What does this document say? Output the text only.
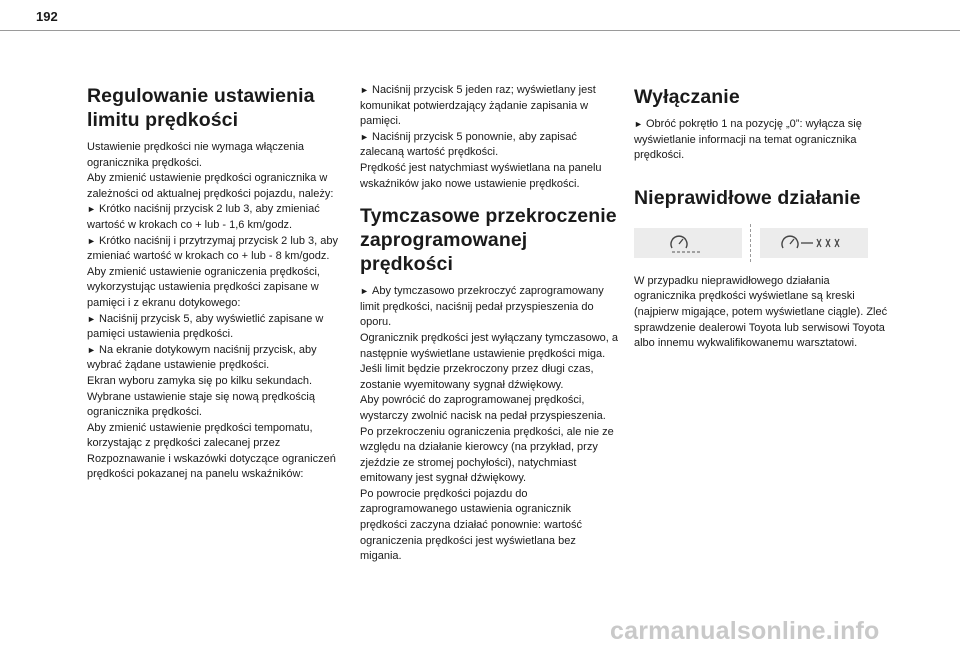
192
Regulowanie ustawienia limitu prędkości

Ustawienie prędkości nie wymaga włączenia ogranicznika prędkości.

Aby zmienić ustawienie prędkości ogranicznika w zależności od aktualnej prędkości pojazdu, należy:

► Krótko naciśnij przycisk 2 lub 3, aby zmieniać wartość w krokach co + lub - 1,6 km/godz.

► Krótko naciśnij i przytrzymaj przycisk 2 lub 3, aby zmieniać wartość w krokach co + lub - 8 km/godz.

Aby zmienić ustawienie ograniczenia prędkości, wykorzystując ustawienia prędkości zapisane w pamięci i z ekranu dotykowego:

► Naciśnij przycisk 5, aby wyświetlić zapisane w pamięci ustawienia prędkości.

► Na ekranie dotykowym naciśnij przycisk, aby wybrać żądane ustawienie prędkości.

Ekran wyboru zamyka się po kilku sekundach.

Wybrane ustawienie staje się nową prędkością ogranicznika prędkości.

Aby zmienić ustawienie prędkości tempomatu, korzystając z prędkości zalecanej przez Rozpoznawanie i wskazówki dotyczące ograniczeń prędkości pokazanej na panelu wskaźników:

► Naciśnij przycisk 5 jeden raz; wyświetlany jest komunikat potwierdzający żądanie zapisania w pamięci.

► Naciśnij przycisk 5 ponownie, aby zapisać zalecaną wartość prędkości.

Prędkość jest natychmiast wyświetlana na panelu wskaźników jako nowe ustawienie prędkości.

Tymczasowe przekroczenie zaprogramowanej prędkości

► Aby tymczasowo przekroczyć zaprogramowany limit prędkości, naciśnij pedał przyspieszenia do oporu.

Ogranicznik prędkości jest wyłączany tymczasowo, a następnie wyświetlane ustawienie prędkości miga.

Jeśli limit będzie przekroczony przez długi czas, zostanie wyemitowany sygnał dźwiękowy.

Aby powrócić do zaprogramowanej prędkości, wystarczy zwolnić nacisk na pedał przyspieszenia.

Po przekroczeniu ograniczenia prędkości, ale nie ze względu na działanie kierowcy (na przykład, przy zjeździe ze stromej pochyłości), natychmiast emitowany jest sygnał dźwiękowy.

Po powrocie prędkości pojazdu do zaprogramowanego ustawienia ogranicznik prędkości zaczyna działać ponownie: wartość ograniczenia prędkości jest wyświetlana bez migania.

Wyłączanie

► Obróć pokrętło 1 na pozycję „0”: wyłącza się wyświetlanie informacji na temat ogranicznika prędkości.

Nieprawidłowe działanie

W przypadku nieprawidłowego działania ogranicznika prędkości wyświetlane są kreski (najpierw migające, potem wyświetlane ciągle). Zleć sprawdzenie dealerowi Toyota lub serwisowi Toyota albo innemu wykwalifikowanemu warsztatowi.

carmanualsonline.info
